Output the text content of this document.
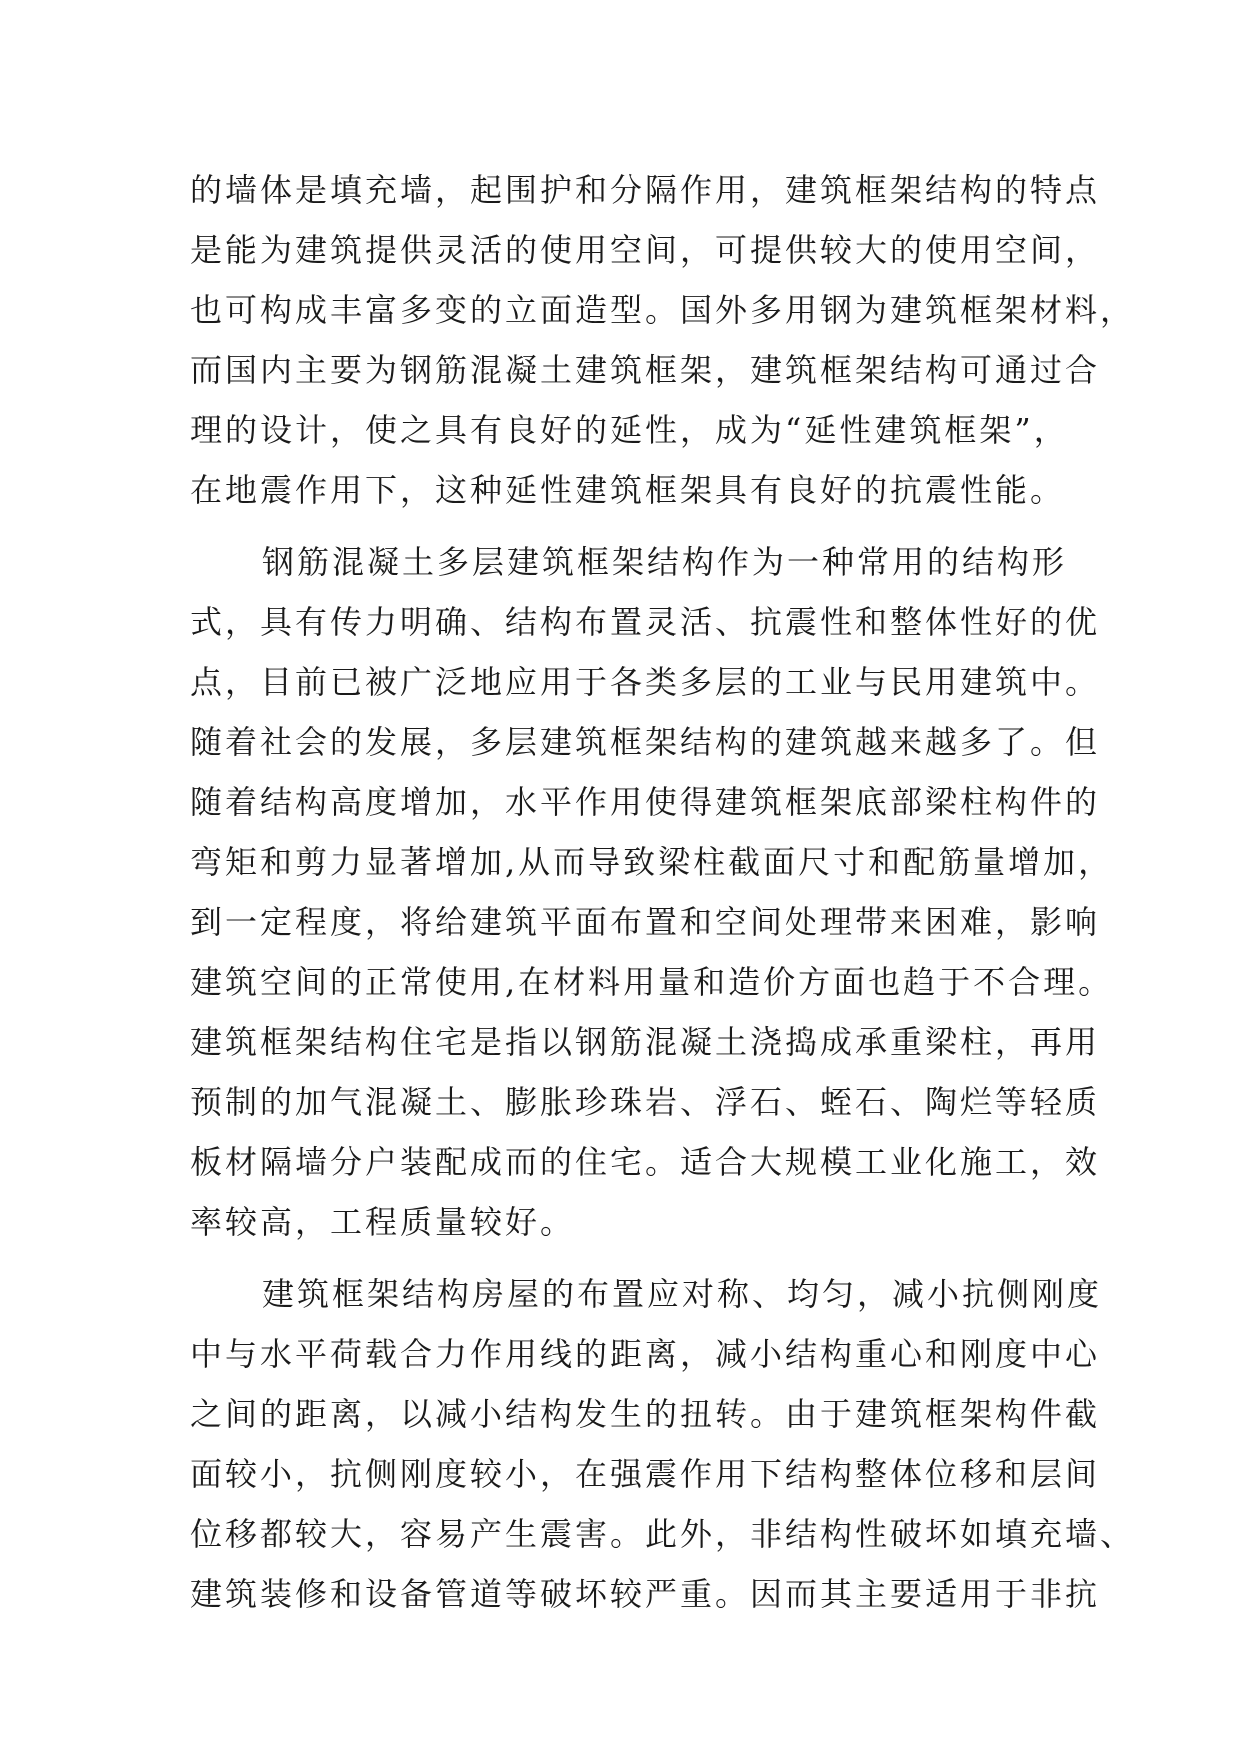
的墙体是填充墙，起围护和分隔作用，建筑框架结构的特点
是能为建筑提供灵活的使用空间，可提供较大的使用空间，
也可构成丰富多变的立面造型。国外多用钢为建筑框架材料，
而国内主要为钢筋混凝土建筑框架，建筑框架结构可通过合
理的设计，使之具有良好的延性，成为“延性建筑框架”，
在地震作用下，这种延性建筑框架具有良好的抗震性能。
钢筋混凝土多层建筑框架结构作为一种常用的结构形
式，具有传力明确、结构布置灵活、抗震性和整体性好的优
点，目前已被广泛地应用于各类多层的工业与民用建筑中。
随着社会的发展，多层建筑框架结构的建筑越来越多了。但
随着结构高度增加，水平作用使得建筑框架底部梁柱构件的
弯矩和剪力显著增加,从而导致梁柱截面尺寸和配筋量增加，
到一定程度，将给建筑平面布置和空间处理带来困难，影响
建筑空间的正常使用,在材料用量和造价方面也趋于不合理。
建筑框架结构住宅是指以钢筋混凝土浇捣成承重梁柱，再用
预制的加气混凝土、膨胀珍珠岩、浮石、蛭石、陶烂等轻质
板材隔墙分户装配成而的住宅。适合大规模工业化施工，效
率较高，工程质量较好。
建筑框架结构房屋的布置应对称、均匀，减小抗侧刚度
中与水平荷载合力作用线的距离，减小结构重心和刚度中心
之间的距离，以减小结构发生的扭转。由于建筑框架构件截
面较小，抗侧刚度较小，在强震作用下结构整体位移和层间
位移都较大，容易产生震害。此外，非结构性破坏如填充墙、
建筑装修和设备管道等破坏较严重。因而其主要适用于非抗
